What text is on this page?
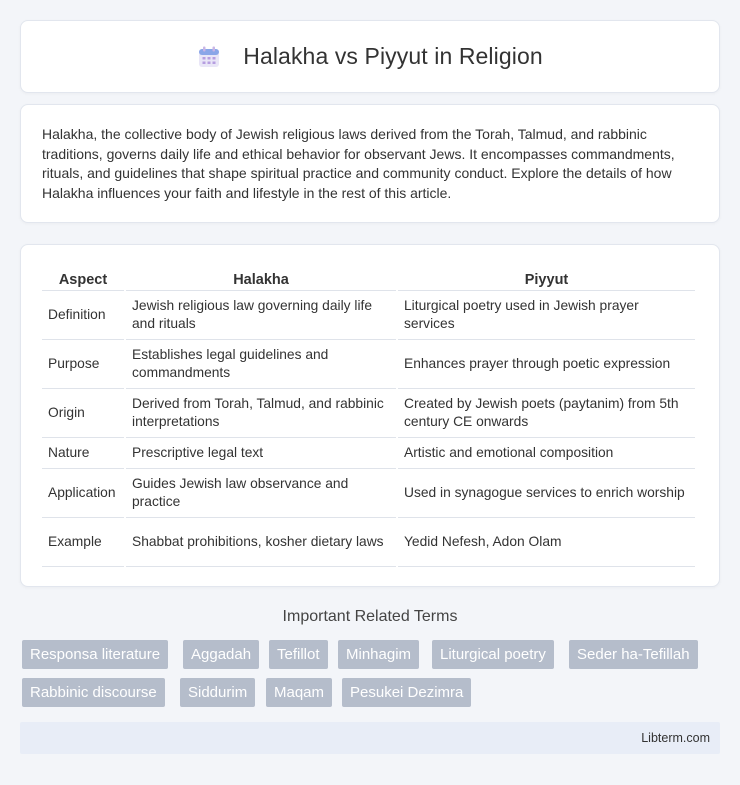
Halakha vs Piyyut in Religion

Halakha, the collective body of Jewish religious laws derived from the Torah, Talmud, and rabbinic traditions, governs daily life and ethical behavior for observant Jews. It encompasses commandments, rituals, and guidelines that shape spiritual practice and community conduct. Explore the details of how Halakha influences your faith and lifestyle in the rest of this article.

Aspect	Halakha	Piyyut
Definition	Jewish religious law governing daily life and rituals	Liturgical poetry used in Jewish prayer services
Purpose	Establishes legal guidelines and commandments	Enhances prayer through poetic expression
Origin	Derived from Torah, Talmud, and rabbinic interpretations	Created by Jewish poets (paytanim) from 5th century CE onwards
Nature	Prescriptive legal text	Artistic and emotional composition
Application	Guides Jewish law observance and practice	Used in synagogue services to enrich worship
Example	Shabbat prohibitions, kosher dietary laws	Yedid Nefesh, Adon Olam
Important Related Terms
Responsa literature	Aggadah	Tefillot	Minhagim	Liturgical poetry	Seder ha-Tefillah
Rabbinic discourse	Siddurim	Maqam	Pesukei Dezimra
Libterm.com
